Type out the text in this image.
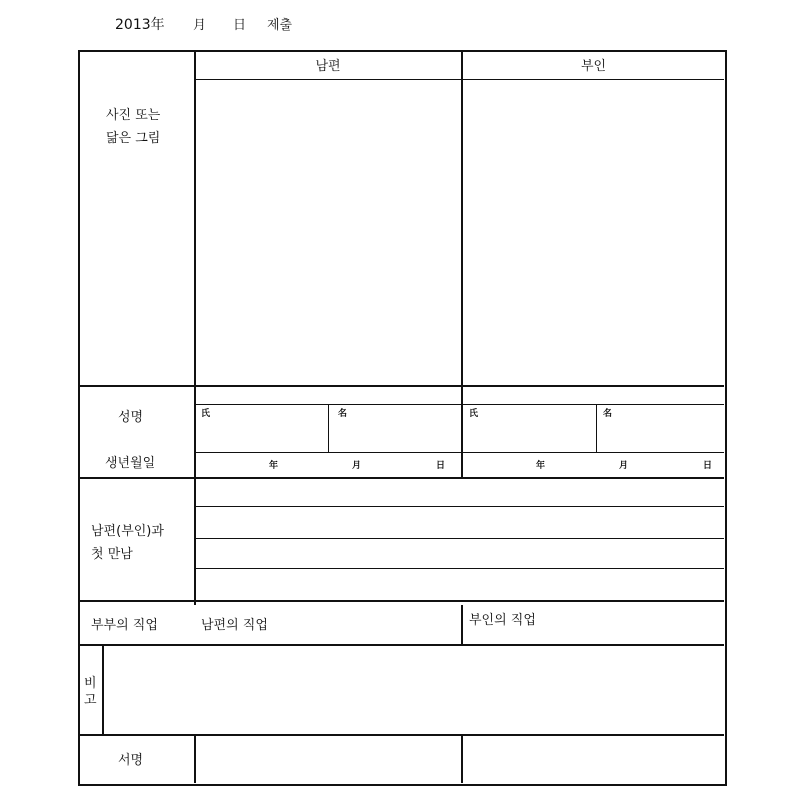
2013年 月 日 제출
남편	부인
사진 또는
닮은 그림
성명	氏	名	氏	名
생년월일	年	月	日	年	月	日
남편(부인)과
첫 만남
부부의 직업	남편의 직업	부인의 직업
비
고
서명
